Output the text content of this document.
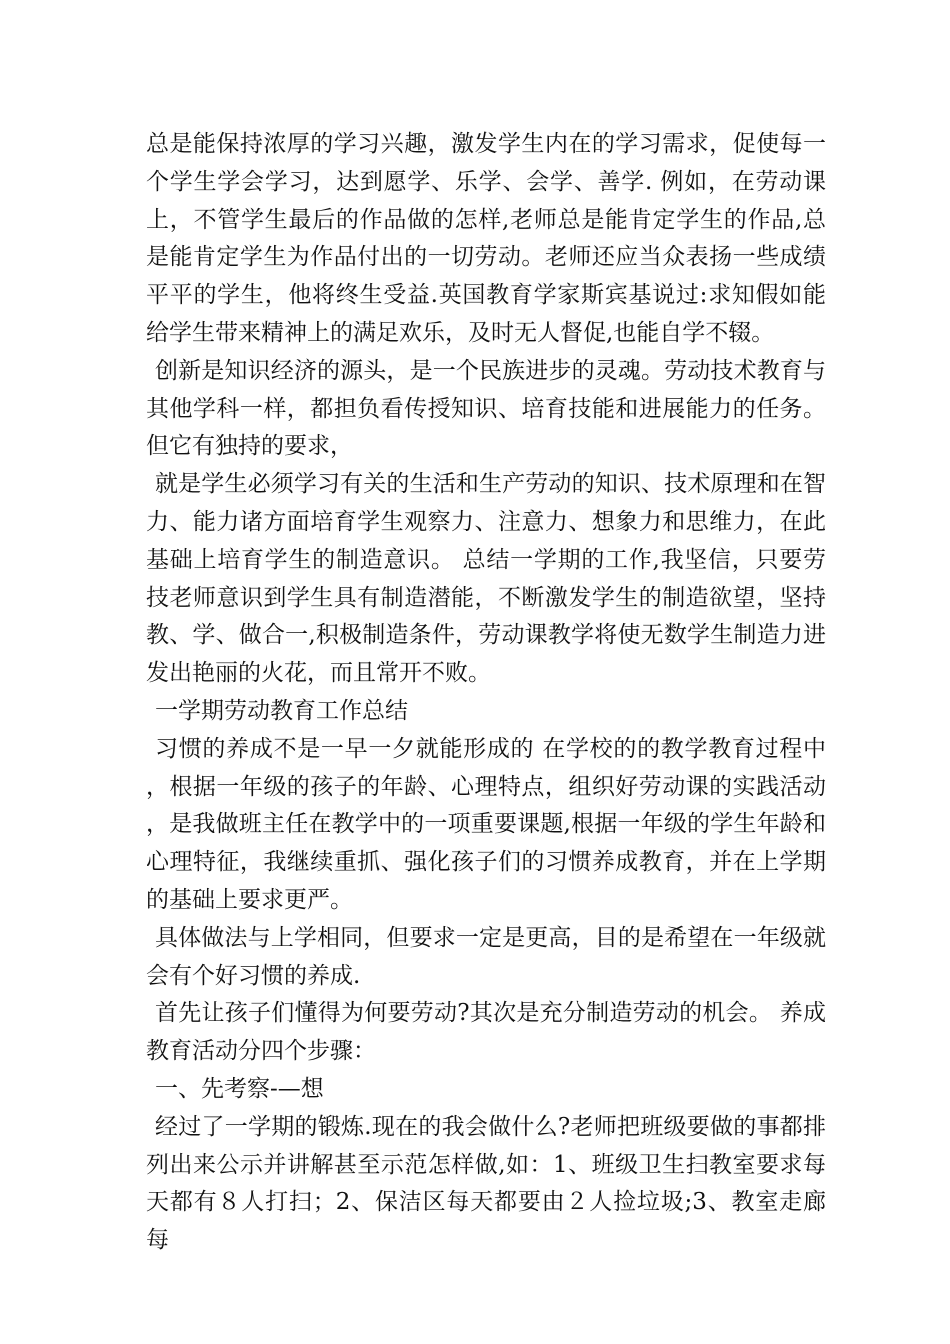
总是能保持浓厚的学习兴趣，激发学生内在的学习需求，促使每一个学生学会学习，达到愿学、乐学、会学、善学. 例如，在劳动课上，不管学生最后的作品做的怎样,老师总是能肯定学生的作品,总是能肯定学生为作品付出的一切劳动。老师还应当众表扬一些成绩平平的学生，他将终生受益.英国教育学家斯宾基说过:求知假如能给学生带来精神上的满足欢乐，及时无人督促,也能自学不辍。

创新是知识经济的源头，是一个民族进步的灵魂。劳动技术教育与其他学科一样，都担负看传授知识、培育技能和进展能力的任务。但它有独持的要求，

就是学生必须学习有关的生活和生产劳动的知识、技术原理和在智力、能力诸方面培育学生观察力、注意力、想象力和思维力，在此基础上培育学生的制造意识。 总结一学期的工作,我坚信，只要劳技老师意识到学生具有制造潜能，不断激发学生的制造欲望，坚持教、学、做合一,积极制造条件，劳动课教学将使无数学生制造力进发出艳丽的火花，而且常开不败。

一学期劳动教育工作总结

习惯的养成不是一早一夕就能形成的 在学校的的教学教育过程中，根据一年级的孩子的年龄、心理特点，组织好劳动课的实践活动，是我做班主任在教学中的一项重要课题,根据一年级的学生年龄和心理特征，我继续重抓、强化孩子们的习惯养成教育，并在上学期的基础上要求更严。

具体做法与上学相同，但要求一定是更高，目的是希望在一年级就会有个好习惯的养成.

首先让孩子们懂得为何要劳动?其次是充分制造劳动的机会。 养成教育活动分四个步骤：

一、先考察-—想

经过了一学期的锻炼.现在的我会做什么?老师把班级要做的事都排列出来公示并讲解甚至示范怎样做,如：1、班级卫生扫教室要求每天都有８人打扫；2、保洁区每天都要由２人捡垃圾;3、教室走廊每
